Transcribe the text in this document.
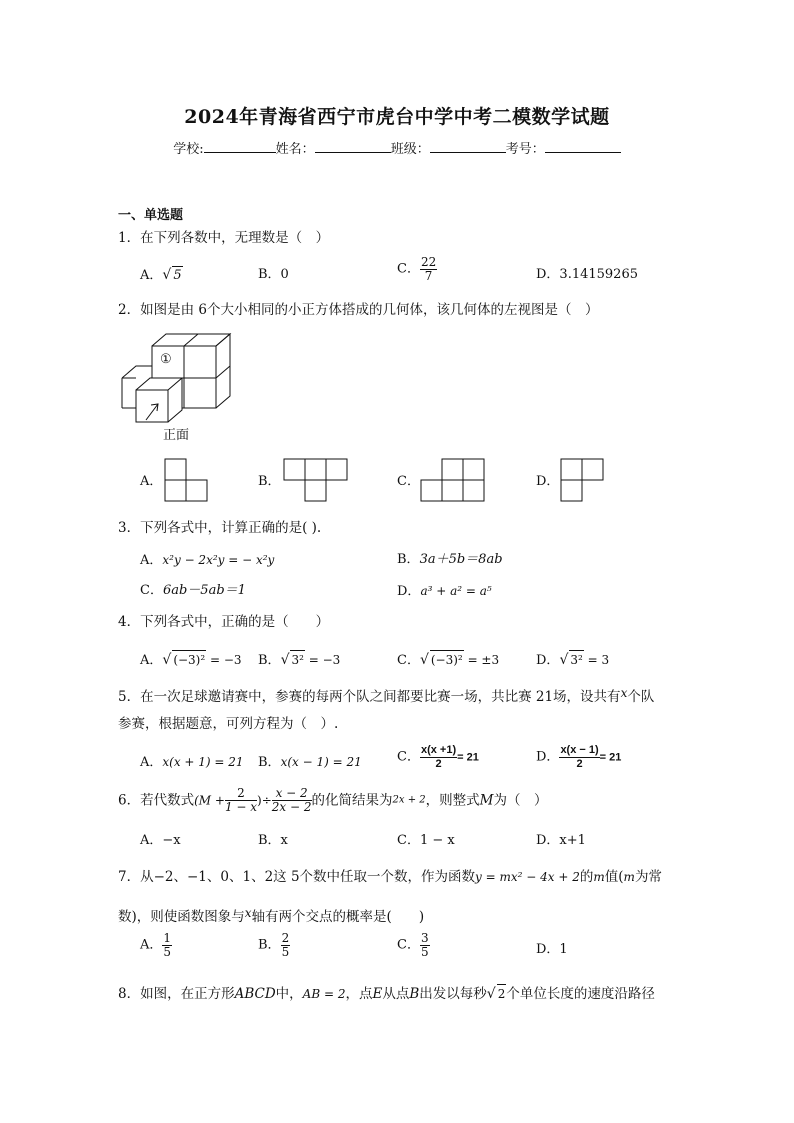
2024年青海省西宁市虎台中学中考二模数学试题
学校:	姓名：	班级：	考号：
一、单选题
1．在下列各数中，无理数是（　）
A．√ 5	B．0	C． $\frac{22}{7}$	D．3.14159265
2．如图是由 6个大小相同的小正方体搭成的几何体，该几何体的左视图是（　）
①
正面
A．	B．	C．	D．
3．下列各式中，计算正确的是( ).
A．x²y − 2x²y = − x²y	B．3a＋5b＝8ab
C．6ab－5ab＝1	D．a³ + a² = a⁵
4．下列各式中，正确的是（　　）
A．√ (−3)² = −3 B．√ 3² = −3	C．√ (−3)² = ±3	D．√ 3² = 3
5．在一次足球邀请赛中，参赛的每两个队之间都要比赛一场，共比赛 21场，设共有x个队
参赛，根据题意，可列方程为（　）.
A．x(x + 1) = 21 B．x(x − 1) = 21	C． $\frac{x(x +1)}{2} = 21$	D． $\frac{x(x - 1)}{2} = 21$
6．若代数式($M + \frac{2}{1 - x}$ )÷ $\frac{x - 2}{2x - 2}$ 的化简结果为2x + 2，则整式M为（　）
A．−x	B．x	C．1 − x	D．x+1
7．从−2、−1、0、1、2这 5个数中任取一个数，作为函数y = mx² − 4x + 2的m值(m为常
数)，则使函数图象与x轴有两个交点的概率是(　　)
A． $\frac{1}{5}$	B． $\frac{2}{5}$	C． $\frac{3}{5}$	D．1
8．如图，在正方形ABCD中，AB = 2，点E从点B出发以每秒√ 2个单位长度的速度沿路径
